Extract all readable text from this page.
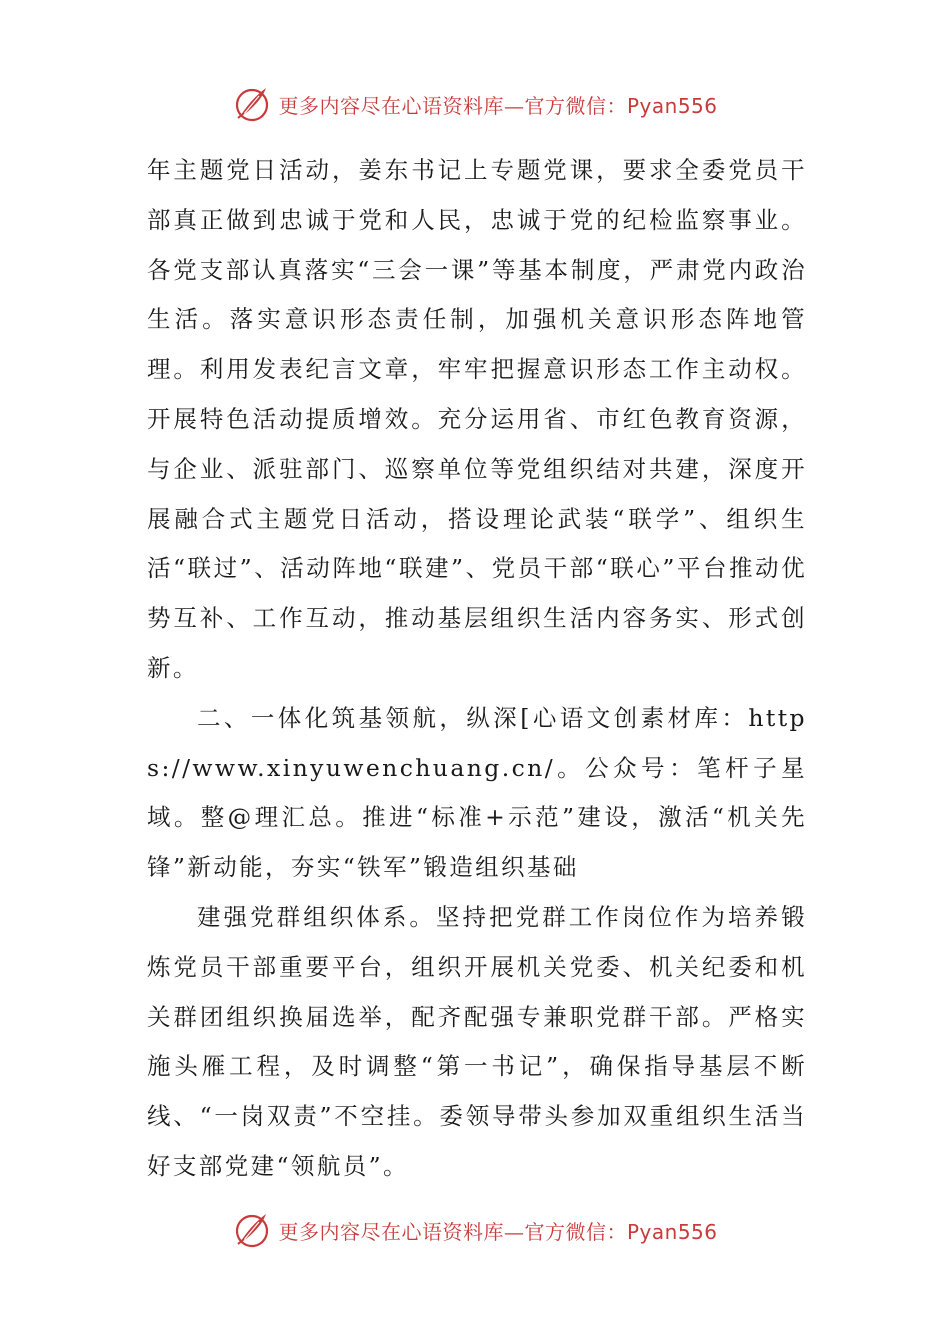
更多内容尽在心语资料库—官方微信：Pyan556

年主题党日活动，姜东书记上专题党课，要求全委党员干部真正做到忠诚于党和人民，忠诚于党的纪检监察事业。各党支部认真落实“三会一课”等基本制度，严肃党内政治生活。落实意识形态责任制，加强机关意识形态阵地管理。利用发表纪言文章，牢牢把握意识形态工作主动权。开展特色活动提质增效。充分运用省、市红色教育资源，与企业、派驻部门、巡察单位等党组织结对共建，深度开展融合式主题党日活动，搭设理论武装“联学”、组织生活“联过”、活动阵地“联建”、党员干部“联心”平台推动优势互补、工作互动，推动基层组织生活内容务实、形式创新。

二、一体化筑基领航，纵深[心语文创素材库：https://www.xinyuwenchuang.cn/。公众号：笔杆子星域。整@理汇总。推进“标准+示范”建设，激活“机关先锋”新动能，夯实“铁军”锻造组织基础

建强党群组织体系。坚持把党群工作岗位作为培养锻炼党员干部重要平台，组织开展机关党委、机关纪委和机关群团组织换届选举，配齐配强专兼职党群干部。严格实施头雁工程，及时调整“第一书记”，确保指导基层不断线、“一岗双责”不空挂。委领导带头参加双重组织生活当好支部党建“领航员”。

更多内容尽在心语资料库—官方微信：Pyan556
